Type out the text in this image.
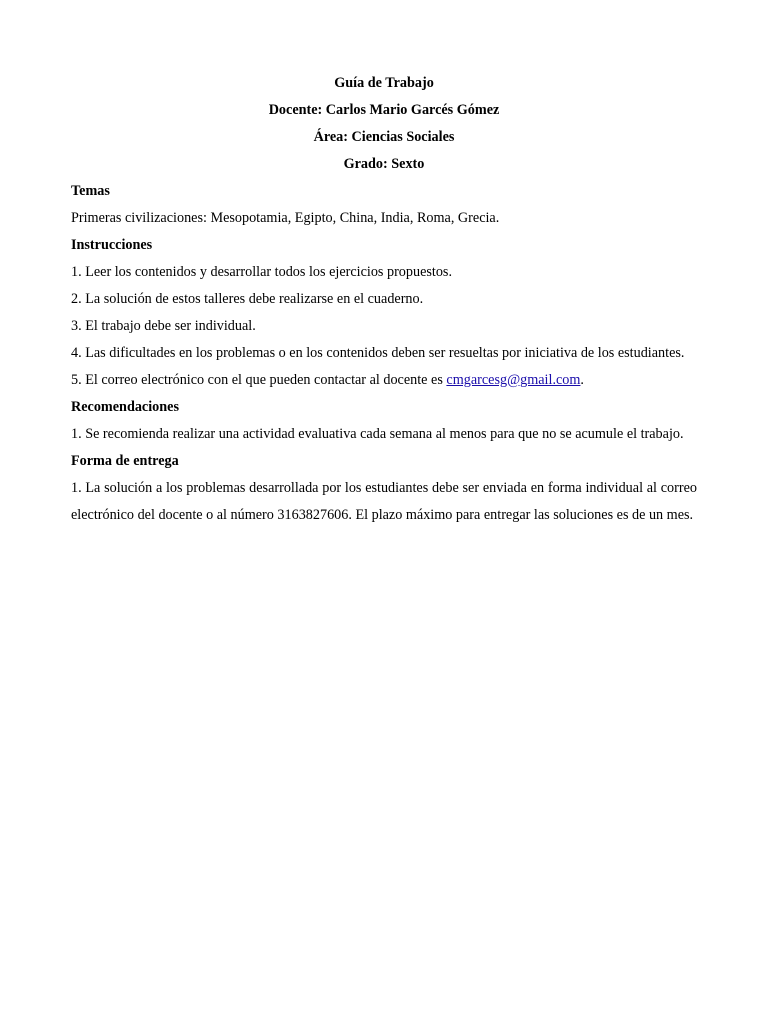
Guía de Trabajo
Docente: Carlos Mario Garcés Gómez
Área: Ciencias Sociales
Grado: Sexto
Temas
Primeras civilizaciones: Mesopotamia, Egipto, China, India, Roma, Grecia.
Instrucciones
1. Leer los contenidos y desarrollar todos los ejercicios propuestos.
2. La solución de estos talleres debe realizarse en el cuaderno.
3. El trabajo debe ser individual.
4. Las dificultades en los problemas o en los contenidos deben ser resueltas por iniciativa de los estudiantes.
5. El correo electrónico con el que pueden contactar al docente es cmgarcesg@gmail.com.
Recomendaciones
1. Se recomienda realizar una actividad evaluativa cada semana al menos para que no se acumule el trabajo.
Forma de entrega
1. La solución a los problemas desarrollada por los estudiantes debe ser enviada en forma individual al correo electrónico del docente o al número 3163827606. El plazo máximo para entregar las soluciones es de un mes.
